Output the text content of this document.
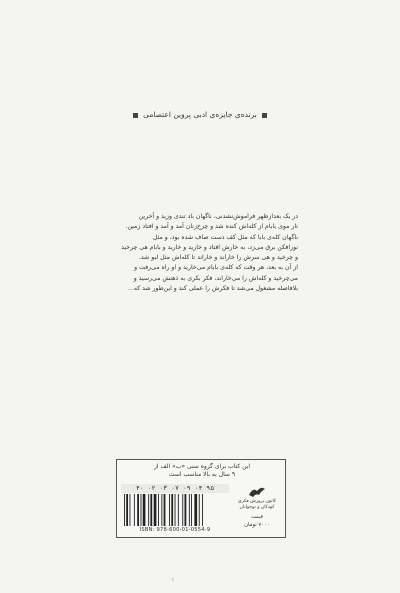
برنده‌ی جایزه‌ی ادبی پروین اعتصامی

در یک بعدازظهر فراموش‌نشدنی، ناگهان باد تندی وزید و آخرین

تار موی بابام از کله‌اش کنده شد و چرخ‌زنان آمد و آمد و افتاد زمین.

ناگهان کله‌ی بابا که مثل کف دست صاف شده بود، و مثل

نورافکن برق می‌زد، به خارش افتاد و خارید و خارید و بابام هی چرخید

و چرخید و هی سرش را خاراند و خاراند تا کله‌اش مثل لبو شد.

از آن به بعد، هر وقت که کله‌ی بابام می‌خارید و او راه می‌رفت و

می‌چرخید و کله‌اش را می‌خاراند، فکر بکری به ذهنش می‌رسید و

بلافاصله مشغول می‌شد تا فکرش را عملی کند و این‌طور شد که...

این کتاب برای گروه سنی «ب» الف از
۹ سال به بالا مناسب است
۴۰ ۰۲ ۰۳ ۰۷ ۰۹ ۰۴ ۹۵
ISBN: 978-600-01-0554-9
کانون پرورش فکری
کودکان و نوجوانان
قیمت
۷۰۰۰ تومان
۱
